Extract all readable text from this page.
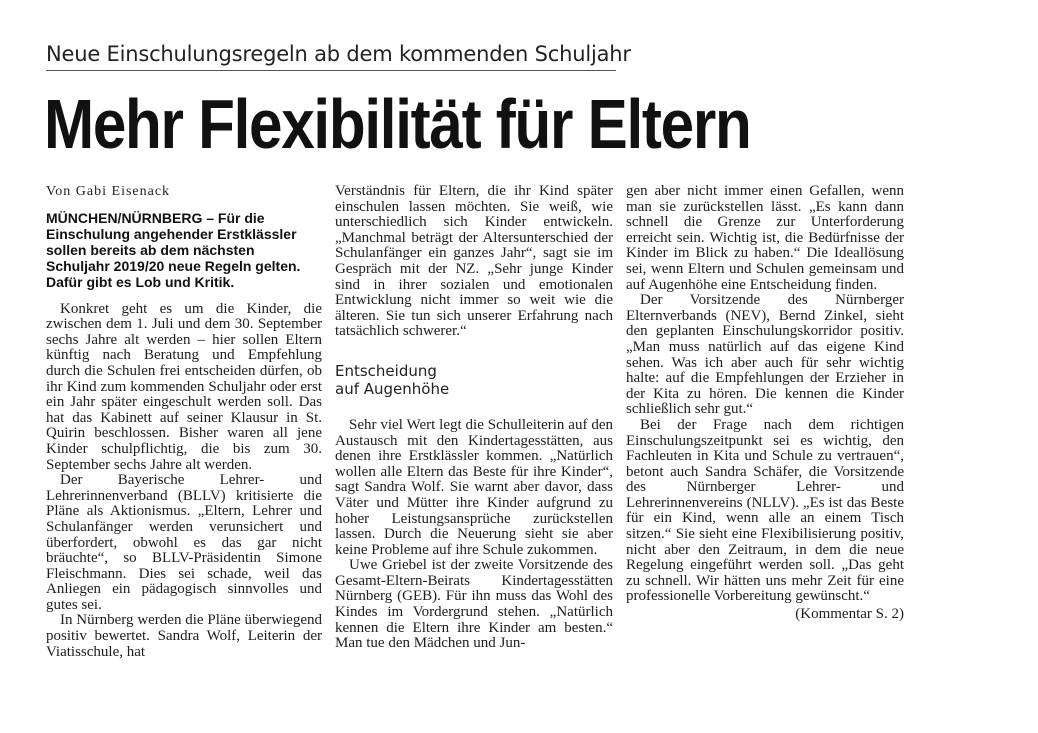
Neue Einschulungsregeln ab dem kommenden Schuljahr
Mehr Flexibilität für Eltern
Von Gabi Eisenack
MÜNCHEN/NÜRNBERG – Für die Einschulung angehender Erstklässler sollen bereits ab dem nächsten Schuljahr 2019/20 neue Regeln gelten. Dafür gibt es Lob und Kritik.

Konkret geht es um die Kinder, die zwischen dem 1. Juli und dem 30. September sechs Jahre alt werden – hier sollen Eltern künftig nach Beratung und Empfehlung durch die Schulen frei entscheiden dürfen, ob ihr Kind zum kommenden Schuljahr oder erst ein Jahr später eingeschult werden soll. Das hat das Kabinett auf seiner Klausur in St. Quirin beschlossen. Bisher waren all jene Kinder schulpflichtig, die bis zum 30. September sechs Jahre alt werden.

Der Bayerische Lehrer- und Lehrerinnenverband (BLLV) kritisierte die Pläne als Aktionismus. „Eltern, Lehrer und Schulanfänger werden verunsichert und überfordert, obwohl es das gar nicht bräuchte“, so BLLV-Präsidentin Simone Fleischmann. Dies sei schade, weil das Anliegen ein pädagogisch sinnvolles und gutes sei.

In Nürnberg werden die Pläne überwiegend positiv bewertet. Sandra Wolf, Leiterin der Viatisschule, hat

Verständnis für Eltern, die ihr Kind später einschulen lassen möchten. Sie weiß, wie unterschiedlich sich Kinder entwickeln. „Manchmal beträgt der Altersunterschied der Schulanfänger ein ganzes Jahr“, sagt sie im Gespräch mit der NZ. „Sehr junge Kinder sind in ihrer sozialen und emotionalen Entwicklung nicht immer so weit wie die älteren. Sie tun sich unserer Erfahrung nach tatsächlich schwerer.“

Entscheidung auf Augenhöhe

Sehr viel Wert legt die Schulleiterin auf den Austausch mit den Kindertagesstätten, aus denen ihre Erstklässler kommen. „Natürlich wollen alle Eltern das Beste für ihre Kinder“, sagt Sandra Wolf. Sie warnt aber davor, dass Väter und Mütter ihre Kinder aufgrund zu hoher Leistungsansprüche zurückstellen lassen. Durch die Neuerung sieht sie aber keine Probleme auf ihre Schule zukommen.

Uwe Griebel ist der zweite Vorsitzende des Gesamt-Eltern-Beirats Kindertagesstätten Nürnberg (GEB). Für ihn muss das Wohl des Kindes im Vordergrund stehen. „Natürlich kennen die Eltern ihre Kinder am besten.“ Man tue den Mädchen und Jun-

gen aber nicht immer einen Gefallen, wenn man sie zurückstellen lässt. „Es kann dann schnell die Grenze zur Unterforderung erreicht sein. Wichtig ist, die Bedürfnisse der Kinder im Blick zu haben.“ Die Ideallösung sei, wenn Eltern und Schulen gemeinsam und auf Augenhöhe eine Entscheidung finden.

Der Vorsitzende des Nürnberger Elternverbands (NEV), Bernd Zinkel, sieht den geplanten Einschulungskorridor positiv. „Man muss natürlich auf das eigene Kind sehen. Was ich aber auch für sehr wichtig halte: auf die Empfehlungen der Erzieher in der Kita zu hören. Die kennen die Kinder schließlich sehr gut.“

Bei der Frage nach dem richtigen Einschulungszeitpunkt sei es wichtig, den Fachleuten in Kita und Schule zu vertrauen“, betont auch Sandra Schäfer, die Vorsitzende des Nürnberger Lehrer- und Lehrerinnenvereins (NLLV). „Es ist das Beste für ein Kind, wenn alle an einem Tisch sitzen.“ Sie sieht eine Flexibilisierung positiv, nicht aber den Zeitraum, in dem die neue Regelung eingeführt werden soll. „Das geht zu schnell. Wir hätten uns mehr Zeit für eine professionelle Vorbereitung gewünscht.“

(Kommentar S. 2)
